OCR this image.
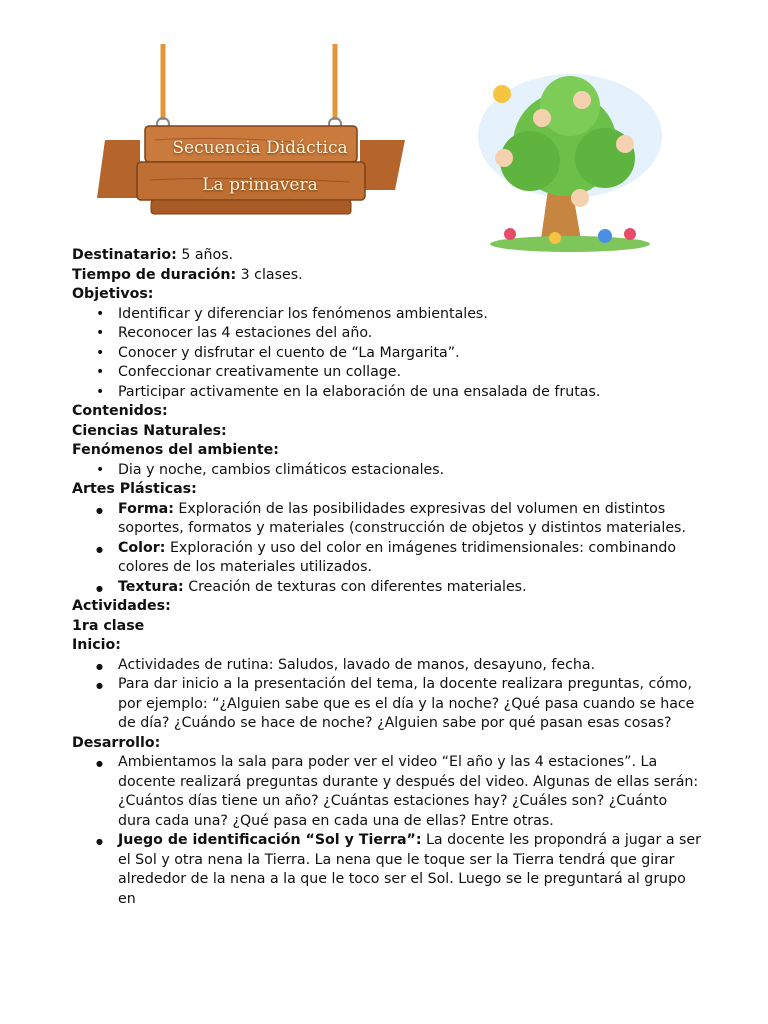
Secuencia Didáctica
La primavera

Destinatario: 5 años.

Tiempo de duración: 3 clases.

Objetivos:

• Identificar y diferenciar los fenómenos ambientales.
• Reconocer las 4 estaciones del año.
• Conocer y disfrutar el cuento de “La Margarita”.
• Confeccionar creativamente un collage.
• Participar activamente en la elaboración de una ensalada de frutas.

Contenidos:

Ciencias Naturales:

Fenómenos del ambiente:

• Dia y noche, cambios climáticos estacionales.

Artes Plásticas:

● Forma: Exploración de las posibilidades expresivas del volumen en distintos soportes, formatos y materiales (construcción de objetos y distintos materiales.
● Color: Exploración y uso del color en imágenes tridimensionales: combinando colores de los materiales utilizados.
● Textura: Creación de texturas con diferentes materiales.

Actividades:

1ra clase

Inicio:

● Actividades de rutina: Saludos, lavado de manos, desayuno, fecha.
● Para dar inicio a la presentación del tema, la docente realizara preguntas, cómo, por ejemplo: “¿Alguien sabe que es el día y la noche? ¿Qué pasa cuando se hace de día? ¿Cuándo se hace de noche? ¿Alguien sabe por qué pasan esas cosas?

Desarrollo:

● Ambientamos la sala para poder ver el video “El año y las 4 estaciones”. La docente realizará preguntas durante y después del video. Algunas de ellas serán: ¿Cuántos días tiene un año? ¿Cuántas estaciones hay? ¿Cuáles son? ¿Cuánto dura cada una? ¿Qué pasa en cada una de ellas? Entre otras.
● Juego de identificación “Sol y Tierra”: La docente les propondrá a jugar a ser el Sol y otra nena la Tierra. La nena que le toque ser la Tierra tendrá que girar alrededor de la nena a la que le toco ser el Sol. Luego se le preguntará al grupo en
